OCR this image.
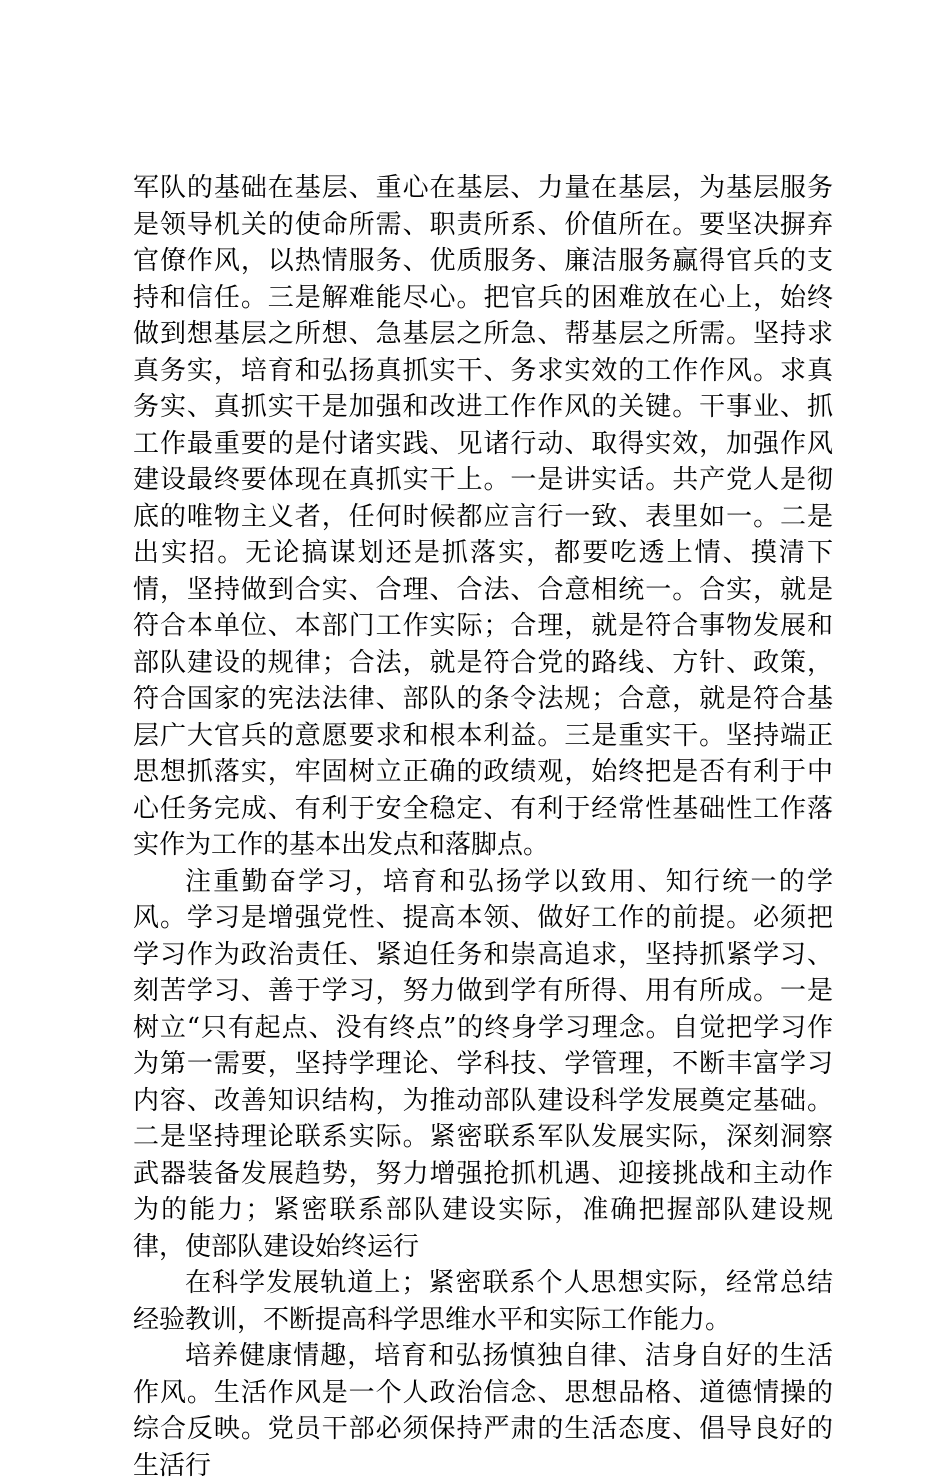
军队的基础在基层、重心在基层、力量在基层，为基层服务是领导机关的使命所需、职责所系、价值所在。要坚决摒弃官僚作风，以热情服务、优质服务、廉洁服务赢得官兵的支持和信任。三是解难能尽心。把官兵的困难放在心上，始终做到想基层之所想、急基层之所急、帮基层之所需。坚持求真务实，培育和弘扬真抓实干、务求实效的工作作风。求真务实、真抓实干是加强和改进工作作风的关键。干事业、抓工作最重要的是付诸实践、见诸行动、取得实效，加强作风建设最终要体现在真抓实干上。一是讲实话。共产党人是彻底的唯物主义者，任何时候都应言行一致、表里如一。二是出实招。无论搞谋划还是抓落实，都要吃透上情、摸清下情，坚持做到合实、合理、合法、合意相统一。合实，就是符合本单位、本部门工作实际；合理，就是符合事物发展和部队建设的规律；合法，就是符合党的路线、方针、政策，符合国家的宪法法律、部队的条令法规；合意，就是符合基层广大官兵的意愿要求和根本利益。三是重实干。坚持端正思想抓落实，牢固树立正确的政绩观，始终把是否有利于中心任务完成、有利于安全稳定、有利于经常性基础性工作落实作为工作的基本出发点和落脚点。

注重勤奋学习，培育和弘扬学以致用、知行统一的学风。学习是增强党性、提高本领、做好工作的前提。必须把学习作为政治责任、紧迫任务和崇高追求，坚持抓紧学习、刻苦学习、善于学习，努力做到学有所得、用有所成。一是树立“只有起点、没有终点”的终身学习理念。自觉把学习作为第一需要，坚持学理论、学科技、学管理，不断丰富学习内容、改善知识结构，为推动部队建设科学发展奠定基础。二是坚持理论联系实际。紧密联系军队发展实际，深刻洞察武器装备发展趋势，努力增强抢抓机遇、迎接挑战和主动作为的能力；紧密联系部队建设实际，准确把握部队建设规律，使部队建设始终运行

在科学发展轨道上；紧密联系个人思想实际，经常总结经验教训，不断提高科学思维水平和实际工作能力。

培养健康情趣，培育和弘扬慎独自律、洁身自好的生活作风。生活作风是一个人政治信念、思想品格、道德情操的综合反映。党员干部必须保持严肃的生活态度、倡导良好的生活行
